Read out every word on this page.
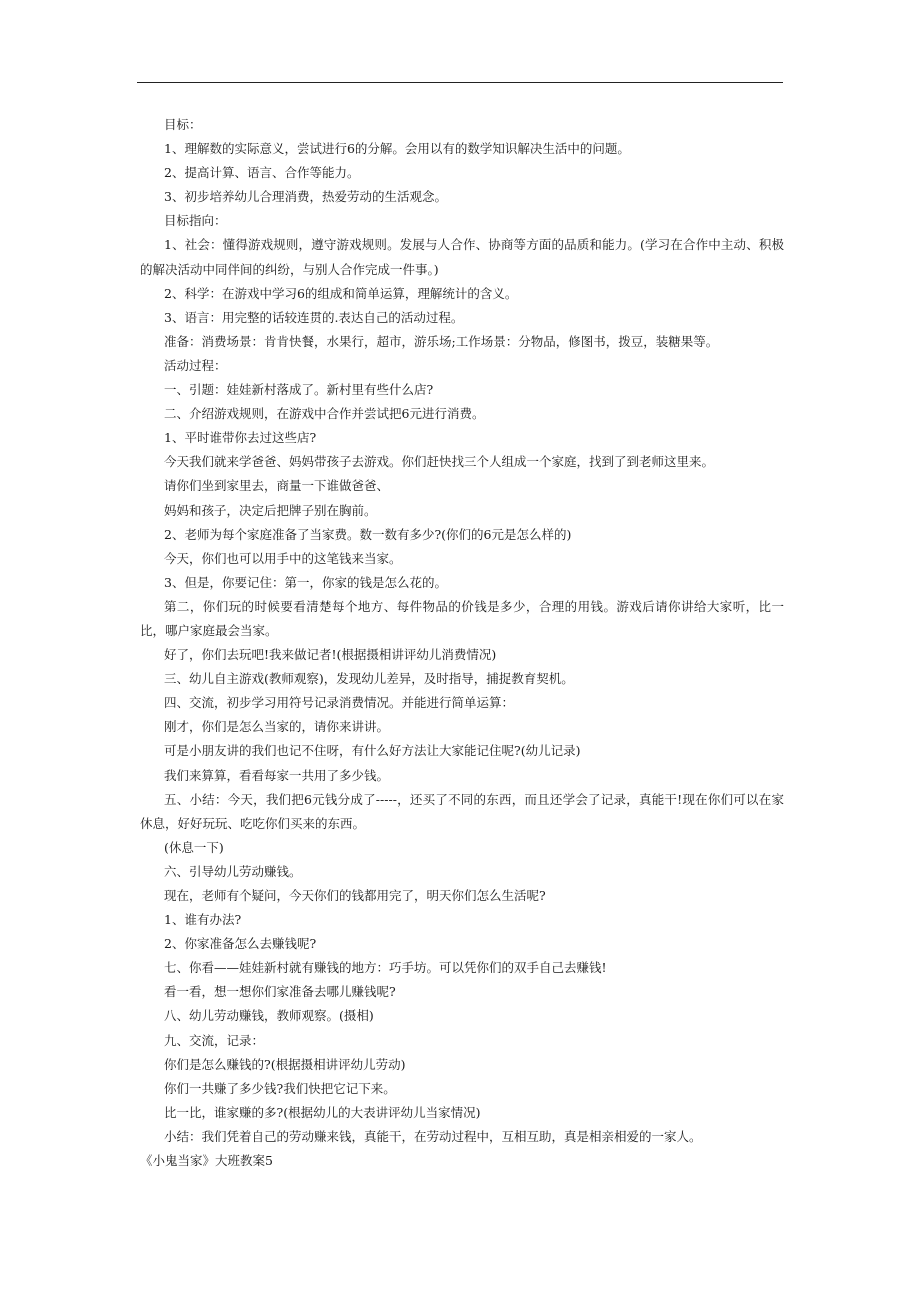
目标：

1、理解数的实际意义，尝试进行6的分解。会用以有的数学知识解决生活中的问题。

2、提高计算、语言、合作等能力。

3、初步培养幼儿合理消费，热爱劳动的生活观念。

目标指向：

1、社会：懂得游戏规则，遵守游戏规则。发展与人合作、协商等方面的品质和能力。(学习在合作中主动、积极的解决活动中同伴间的纠纷，与别人合作完成一件事。)

2、科学：在游戏中学习6的组成和简单运算，理解统计的含义。

3、语言：用完整的话较连贯的.表达自己的活动过程。

准备：消费场景：肯肯快餐，水果行，超市，游乐场;工作场景：分物品，修图书，拨豆，装糖果等。

活动过程：

一、引题：娃娃新村落成了。新村里有些什么店?

二、介绍游戏规则，在游戏中合作并尝试把6元进行消费。

1、平时谁带你去过这些店?

今天我们就来学爸爸、妈妈带孩子去游戏。你们赶快找三个人组成一个家庭，找到了到老师这里来。

请你们坐到家里去，商量一下谁做爸爸、

妈妈和孩子，决定后把牌子别在胸前。

2、老师为每个家庭准备了当家费。数一数有多少?(你们的6元是怎么样的)

今天，你们也可以用手中的这笔钱来当家。

3、但是，你要记住：第一，你家的钱是怎么花的。

第二，你们玩的时候要看清楚每个地方、每件物品的价钱是多少，合理的用钱。游戏后请你讲给大家听，比一比，哪户家庭最会当家。

好了，你们去玩吧!我来做记者!(根据摄相讲评幼儿消费情况)

三、幼儿自主游戏(教师观察)，发现幼儿差异，及时指导，捕捉教育契机。

四、交流，初步学习用符号记录消费情况。并能进行简单运算：

刚才，你们是怎么当家的，请你来讲讲。

可是小朋友讲的我们也记不住呀，有什么好方法让大家能记住呢?(幼儿记录)

我们来算算，看看每家一共用了多少钱。

五、小结：今天，我们把6元钱分成了-----，还买了不同的东西，而且还学会了记录，真能干!现在你们可以在家休息，好好玩玩、吃吃你们买来的东西。

(休息一下)

六、引导幼儿劳动赚钱。

现在，老师有个疑问，今天你们的钱都用完了，明天你们怎么生活呢?

1、谁有办法?

2、你家准备怎么去赚钱呢?

七、你看——娃娃新村就有赚钱的地方：巧手坊。可以凭你们的双手自己去赚钱!

看一看，想一想你们家准备去哪儿赚钱呢?

八、幼儿劳动赚钱，教师观察。(摄相)

九、交流，记录：

你们是怎么赚钱的?(根据摄相讲评幼儿劳动)

你们一共赚了多少钱?我们快把它记下来。

比一比，谁家赚的多?(根据幼儿的大表讲评幼儿当家情况)

小结：我们凭着自己的劳动赚来钱，真能干，在劳动过程中，互相互助，真是相亲相爱的一家人。

《小鬼当家》大班教案5
